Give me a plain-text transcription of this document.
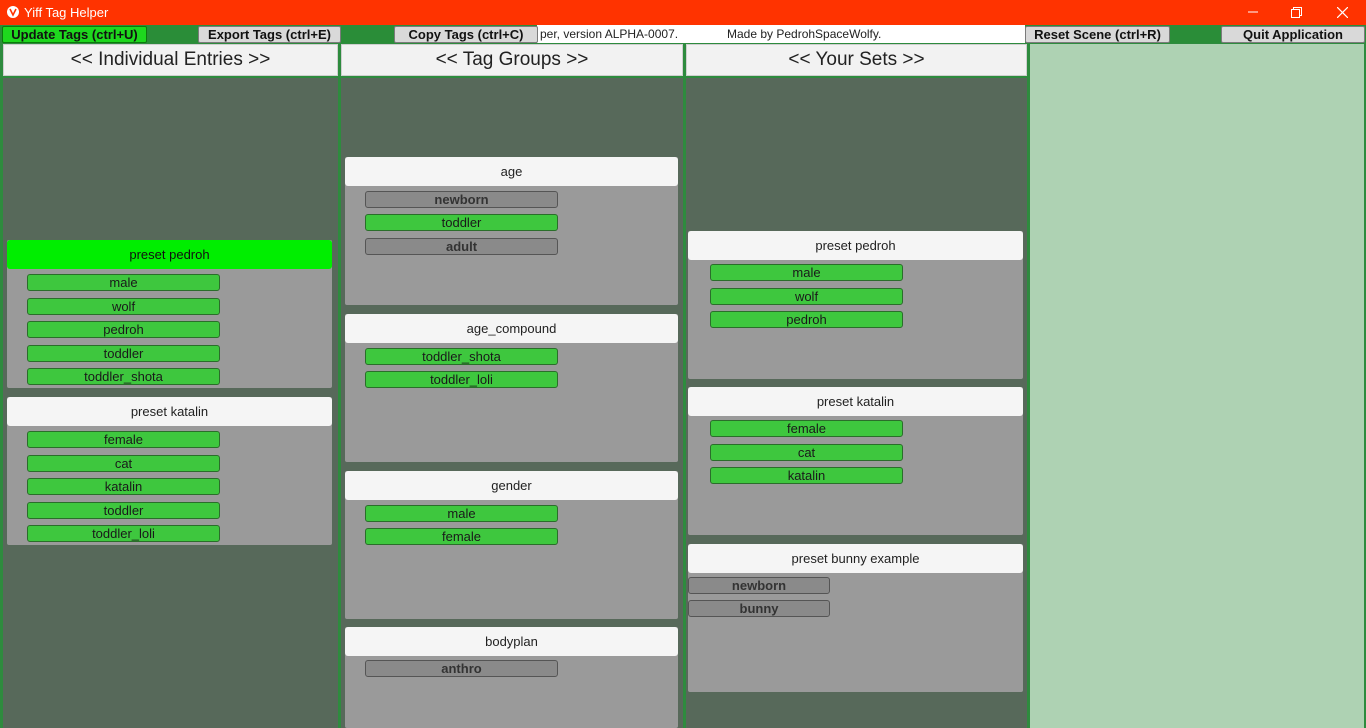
Yiff Tag Helper
Update Tags (ctrl+U)	Export Tags (ctrl+E)	Copy Tags (ctrl+C)	per, version ALPHA-0007.	Made by PedrohSpaceWolfy.	Reset Scene (ctrl+R)	Quit Application
<< Individual Entries >>	<< Tag Groups >>	<< Your Sets >>
preset pedroh
male
wolf
pedroh
toddler
toddler_shota
preset katalin
female
cat
katalin
toddler
toddler_loli
age
newborn
toddler
adult
age_compound
toddler_shota
toddler_loli
gender
male
female
bodyplan
anthro
preset pedroh
male
wolf
pedroh
preset katalin
female
cat
katalin
preset bunny example
newborn
bunny
